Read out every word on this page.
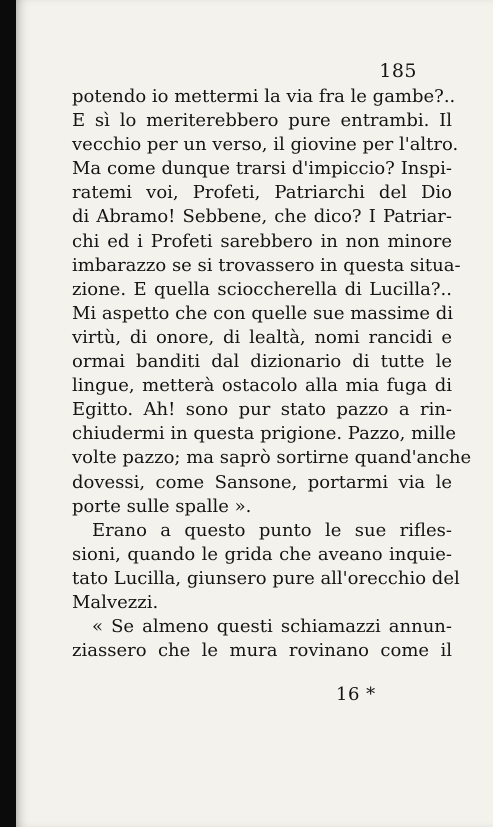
185
potendo io mettermi la via fra le gambe?..
E sì lo meriterebbero pure entrambi. Il
vecchio per un verso, il giovine per l'altro.
Ma come dunque trarsi d'impiccio? Inspi-
ratemi voi, Profeti, Patriarchi del Dio
di Abramo! Sebbene, che dico? I Patriar-
chi ed i Profeti sarebbero in non minore
imbarazzo se si trovassero in questa situa-
zione. E quella scioccherella di Lucilla?..
Mi aspetto che con quelle sue massime di
virtù, di onore, di lealtà, nomi rancidi e
ormai banditi dal dizionario di tutte le
lingue, metterà ostacolo alla mia fuga di
Egitto. Ah! sono pur stato pazzo a rin-
chiudermi in questa prigione. Pazzo, mille
volte pazzo; ma saprò sortirne quand'anche
dovessi, come Sansone, portarmi via le
porte sulle spalle ».
Erano a questo punto le sue rifles-
sioni, quando le grida che aveano inquie-
tato Lucilla, giunsero pure all'orecchio del
Malvezzi.
« Se almeno questi schiamazzi annun-
ziassero che le mura rovinano come il
16 *
